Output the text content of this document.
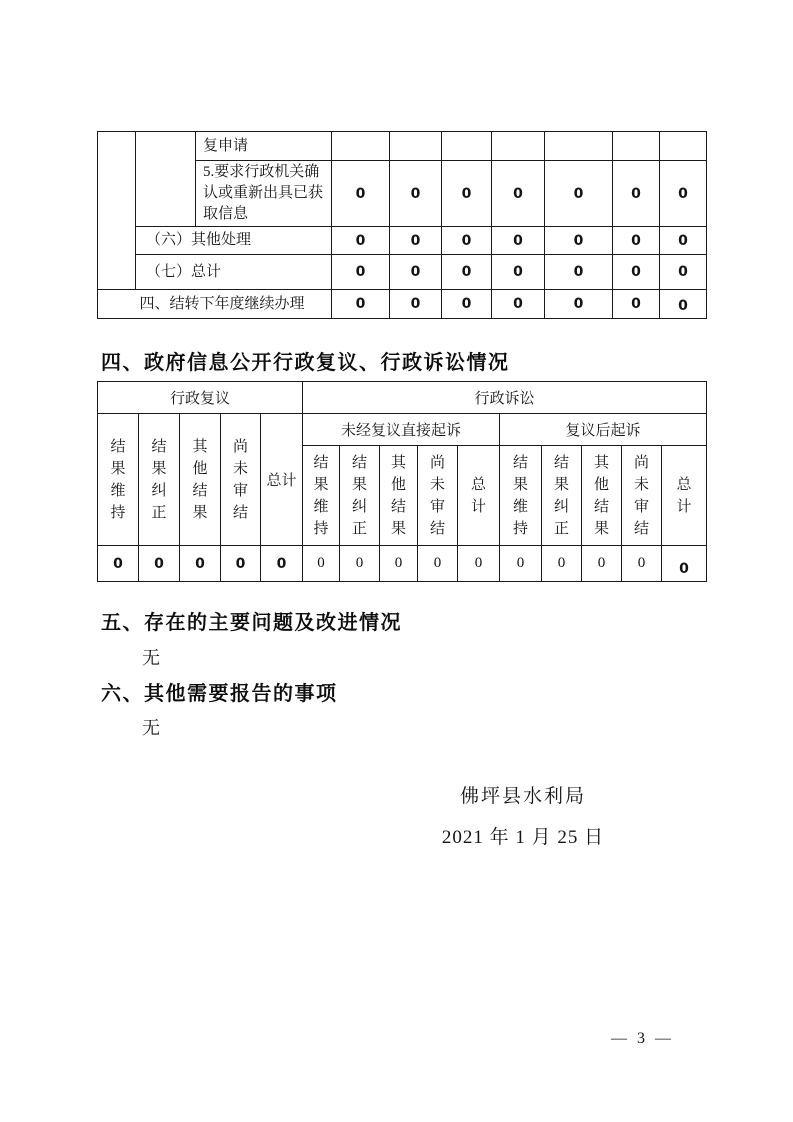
		复申请							
		5.要求行政机关确认或重新出具已获取信息	0	0	0	0	0	0	0
	（六）其他处理		0	0	0	0	0	0	0
	（七）总计		0	0	0	0	0	0	0
四、结转下年度继续办理			0	0	0	0	0	0	0

四、政府信息公开行政复议、行政诉讼情况

行政复议					行政诉讼									
结果维持	结果纠正	其他结果	尚未审结	总计	未经复议直接起诉					复议后起诉				
					结果维持	结果纠正	其他结果	尚未审结	总计	结果维持	结果纠正	其他结果	尚未审结	总计
0	0	0	0	0	0	0	0	0	0	0	0	0	0	0

五、存在的主要问题及改进情况

无

六、其他需要报告的事项

无

佛坪县水利局
2021 年 1 月 25 日
— 3 —
